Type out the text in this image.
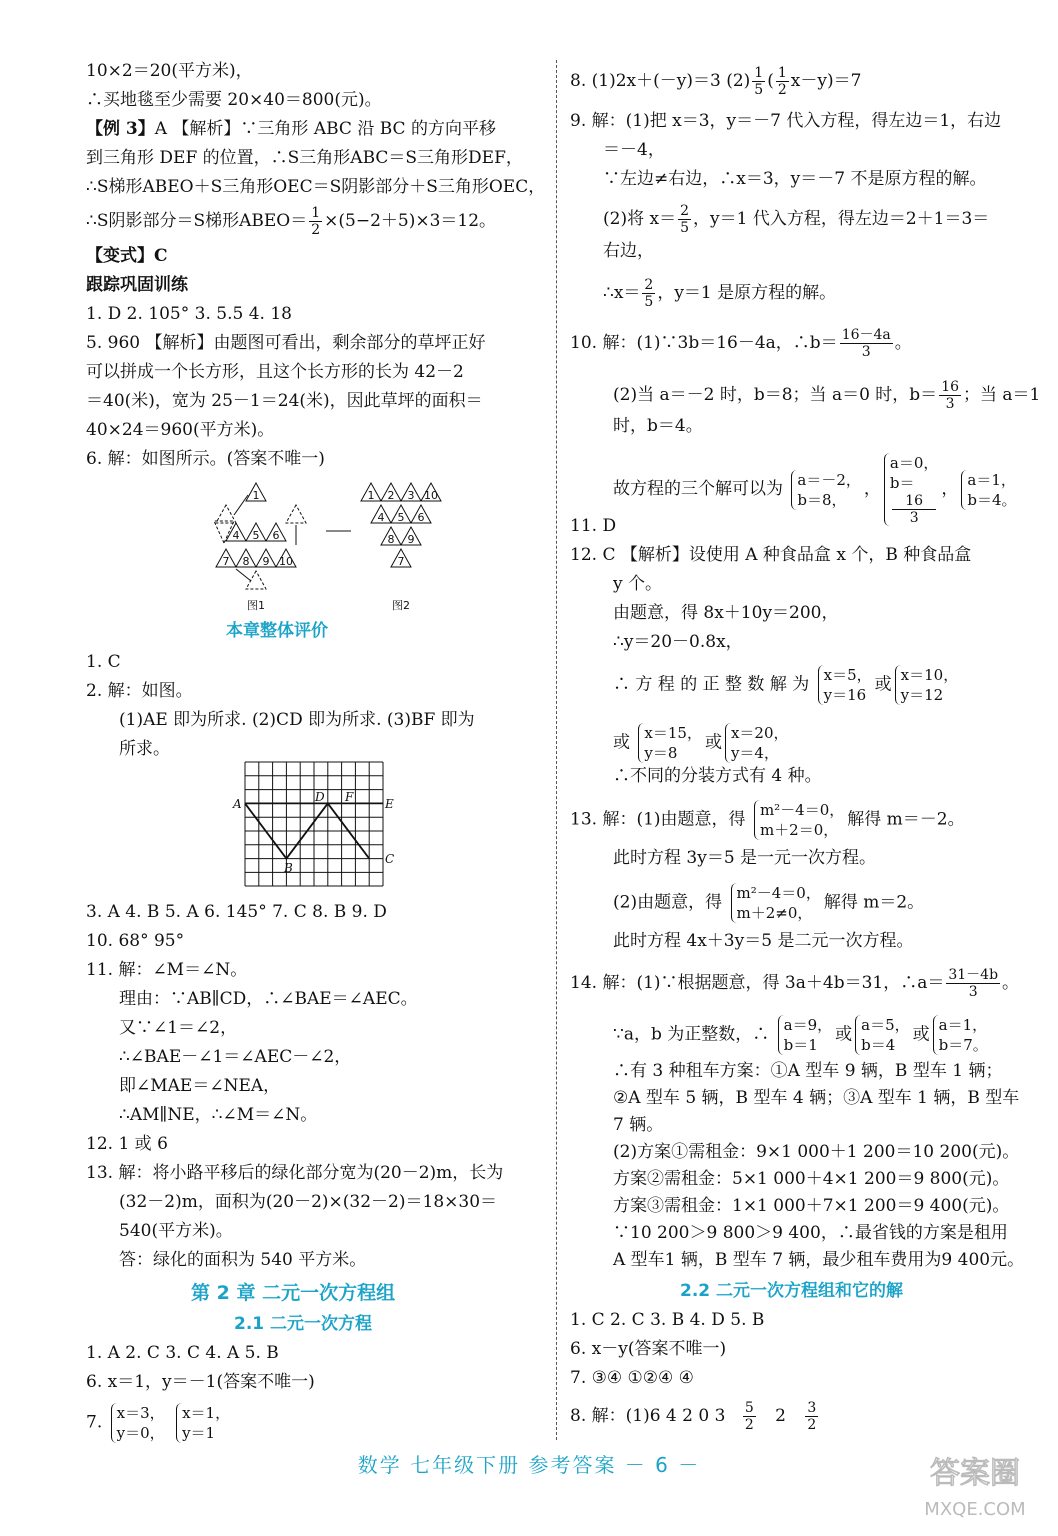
10×2＝20(平方米)，
∴买地毯至少需要 20×40＝800(元)。
【例 3】A 【解析】∵三角形 ABC 沿 BC 的方向平移
到三角形 DEF 的位置，∴S三角形ABC＝S三角形DEF，
∴S梯形ABEO＋S三角形OEC＝S阴影部分＋S三角形OEC，
∴S阴影部分＝S梯形ABEO＝ $\frac{1}{2} \times(5-2+5)\times 3=12$。
【变式】C
跟踪巩固训练
1. D 2. 105° 3. 5.5 4. 18
5. 960 【解析】由题图可看出，剩余部分的草坪正好
可以拼成一个长方形，且这个长方形的长为 42－2
＝40(米)，宽为 25－1＝24(米)，因此草坪的面积＝
40×24＝960(平方米)。
6. 解：如图所示。(答案不唯一)
1
4 5 6
7 8 9 10
1 2 3 10
4 5 6
8 9
7
图1	图2
本章整体评价
1. C
2. 解：如图。
(1)AE 即为所求. (2)CD 即为所求. (3)BF 即为
所求。
A	D F	E
B
C
3. A 4. B 5. A 6. 145° 7. C 8. B 9. D
10. 68° 95°
11. 解：∠M＝∠N。
理由：∵AB∥CD，∴∠BAE＝∠AEC。
又∵∠1＝∠2，
∴∠BAE－∠1＝∠AEC－∠2，
即∠MAE＝∠NEA，
∴AM∥NE，∴∠M＝∠N。
12. 1 或 6
13. 解：将小路平移后的绿化部分宽为(20－2)m，长为
(32－2)m，面积为(20－2)×(32－2)＝18×30＝
540(平方米)。
答：绿化的面积为 540 平方米。
第 2 章 二元一次方程组
2.1 二元一次方程
1. A 2. C 3. C 4. A 5. B
6. x＝1，y＝－1(答案不唯一)
7. x＝3，
y＝0，

x＝1，
y＝1
8. (1)2x＋(－y)＝3 $(2) \frac{1}{5}$ ( $\frac{1}{2} x-y)=7$
9. 解：(1)把 x＝3，y＝－7 代入方程，得左边＝1，右边
＝－4，
∵左边≠右边，∴x＝3，y＝－7 不是原方程的解。
(2)将 $x= \frac{2}{5}$ ，y＝1 代入方程，得左边＝2＋1＝3＝
右边，
∴x＝ $\frac{2}{5}$ ，y＝1 是原方程的解。
10. 解：(1)∵3b＝16－4a，∴b＝ $\frac{16-4a}{3}$ 。
(2)当 a＝－2 时，b＝8；当 a＝0 时，$b= \frac{16}{3}$ ；当 a＝1
时，b＝4。
故方程的三个解可以为 a＝－2，
b＝8，
，
a＝0，
b＝
16
3
， a＝1，
b＝4。
11. D
12. C 【解析】设使用 A 种食品盒 x 个，B 种食品盒
y 个。
由题意，得 8x＋10y＝200，
∴y＝20－0.8x，
∴ 方 程 的 正 整 数 解 为 x＝5，
y＝16
或 x＝10，
y＝12
或 x＝15，
y＝8
或 x＝20，
y＝4，
∴不同的分装方式有 4 种。
13. 解：(1)由题意，得 m²－4＝0，
m＋2＝0，
解得 m＝－2。
此时方程 3y＝5 是一元一次方程。
(2)由题意，得 m²－4＝0，
m＋2≠0，
解得 m＝2。
此时方程 4x＋3y＝5 是二元一次方程。
14. 解：(1)∵根据题意，得 3a＋4b＝31，∴a＝ $\frac{31-4b}{3}$ 。
∵a，b 为正整数，∴ a＝9，
b＝1
或 a＝5，
b＝4
或 a＝1，
b＝7。
∴有 3 种租车方案：①A 型车 9 辆，B 型车 1 辆；
②A 型车 5 辆，B 型车 4 辆；③A 型车 1 辆，B 型车
7 辆。
(2)方案①需租金：9×1 000＋1 200＝10 200(元)。
方案②需租金：5×1 000＋4×1 200＝9 800(元)。
方案③需租金：1×1 000＋7×1 200＝9 400(元)。
∵10 200＞9 800＞9 400，∴最省钱的方案是租用
A 型车1 辆，B 型车 7 辆，最少租车费用为9 400元。
2.2 二元一次方程组和它的解
1. C 2. C 3. B 4. D 5. B
6. x－y(答案不唯一)
7. ③④ ①②④ ④
8. 解：(1)6 4 2 0 $3 \frac{5}{2} 2 \frac{3}{2}$
数学 七年级下册 参考答案 － 6 －	答案圈
MXQE.COM
